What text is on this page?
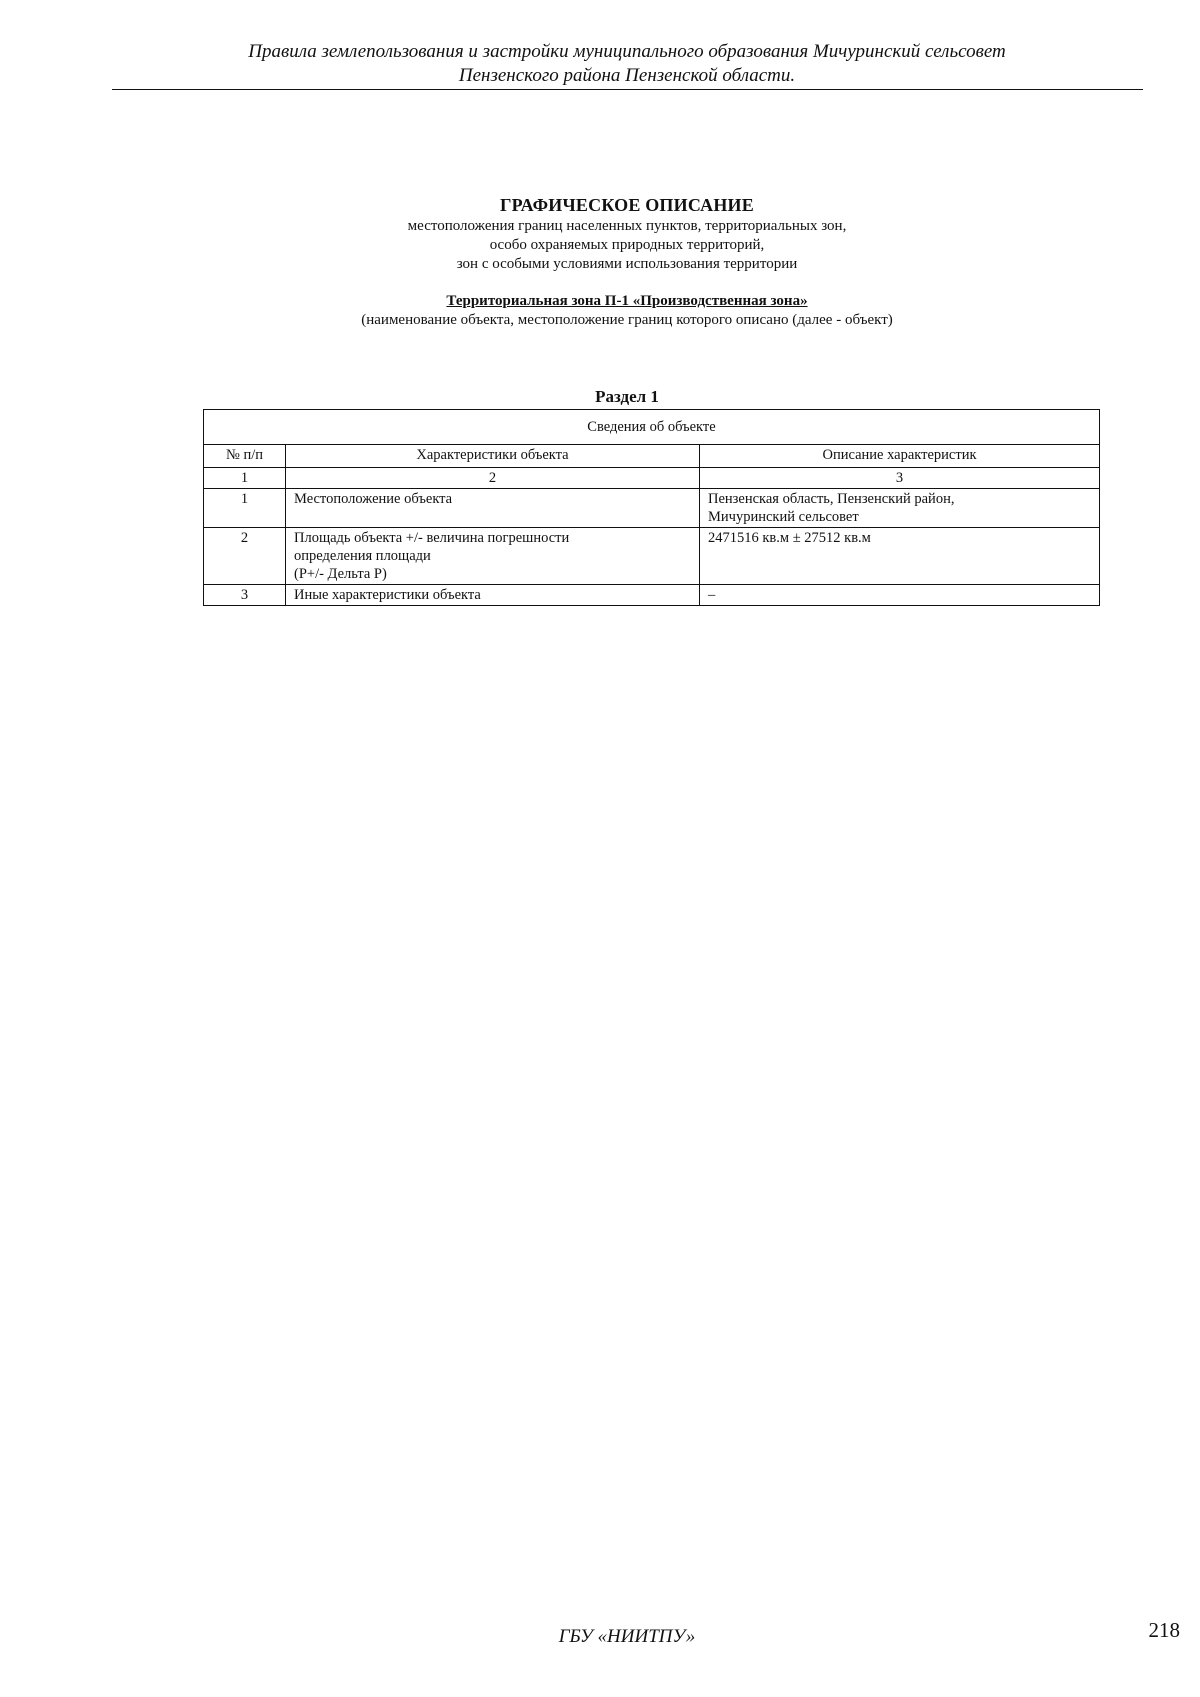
Правила землепользования и застройки муниципального образования Мичуринский сельсовет
Пензенского района Пензенской области.
ГРАФИЧЕСКОЕ ОПИСАНИЕ
местоположения границ населенных пунктов, территориальных зон,
особо охраняемых природных территорий,
зон с особыми условиями использования территории
Территориальная зона П-1 «Производственная зона»
(наименование объекта, местоположение границ которого описано (далее - объект)
Раздел 1
Сведения об объекте		
№ п/п	Характеристики объекта	Описание характеристик
1	2	3
1	Местоположение объекта	Пензенская область, Пензенский район,
Мичуринский сельсовет

2	Площадь объекта +/- величина погрешности
определения площади
(P+/- Дельта P)	2471516 кв.м ± 27512 кв.м

3	Иные характеристики объекта	–
ГБУ «НИИТПУ»	218
